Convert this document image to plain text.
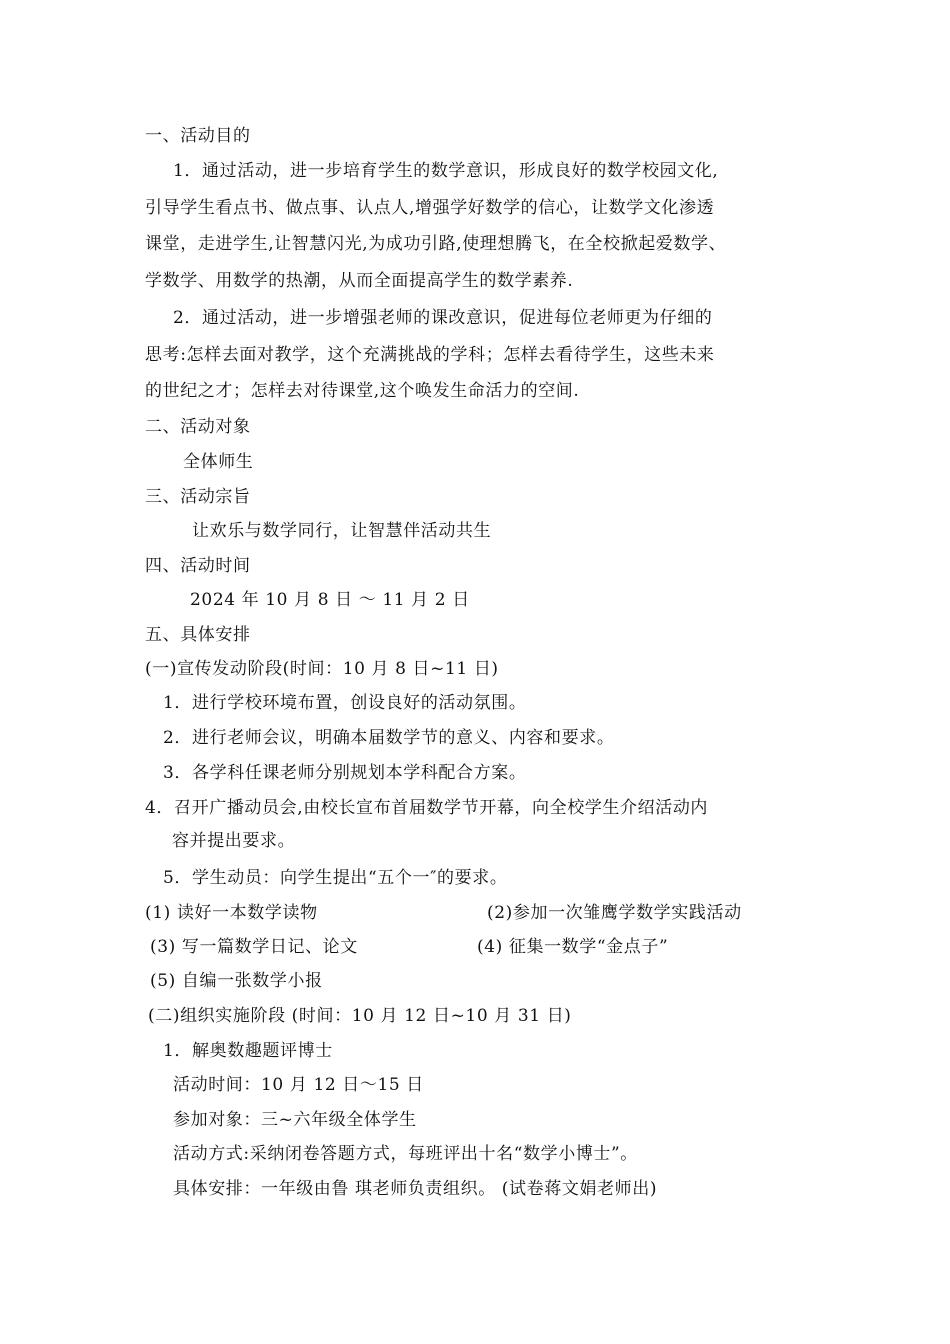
一、活动目的
1．通过活动，进一步培育学生的数学意识，形成良好的数学校园文化,
引导学生看点书、做点事、认点人,增强学好数学的信心，让数学文化渗透
课堂，走进学生,让智慧闪光,为成功引路,使理想腾飞，在全校掀起爱数学、
学数学、用数学的热潮，从而全面提高学生的数学素养.
2．通过活动，进一步增强老师的课改意识，促进每位老师更为仔细的
思考:怎样去面对教学，这个充满挑战的学科；怎样去看待学生，这些未来
的世纪之才；怎样去对待课堂,这个唤发生命活力的空间.
二、活动对象
全体师生
三、活动宗旨
让欢乐与数学同行，让智慧伴活动共生
四、活动时间
2024 年 10 月 8 日 ～ 11 月 2 日
五、具体安排
(一)宣传发动阶段(时间：10 月 8 日~11 日)
1．进行学校环境布置，创设良好的活动氛围。
2．进行老师会议，明确本届数学节的意义、内容和要求。
3．各学科任课老师分别规划本学科配合方案。
4．召开广播动员会,由校长宣布首届数学节开幕，向全校学生介绍活动内
容并提出要求。
5．学生动员：向学生提出“五个一″的要求。
(1) 读好一本数学读物	(2)参加一次雏鹰学数学实践活动
(3) 写一篇数学日记、论文	(4) 征集一数学“金点子”
(5) 自编一张数学小报
(二)组织实施阶段 (时间：10 月 12 日~10 月 31 日)
1．解奥数趣题评博士
活动时间：10 月 12 日～15 日
参加对象：三~六年级全体学生
活动方式:采纳闭卷答题方式，每班评出十名“数学小博士”。
具体安排：一年级由鲁 琪老师负责组织。 (试卷蒋文娟老师出)
